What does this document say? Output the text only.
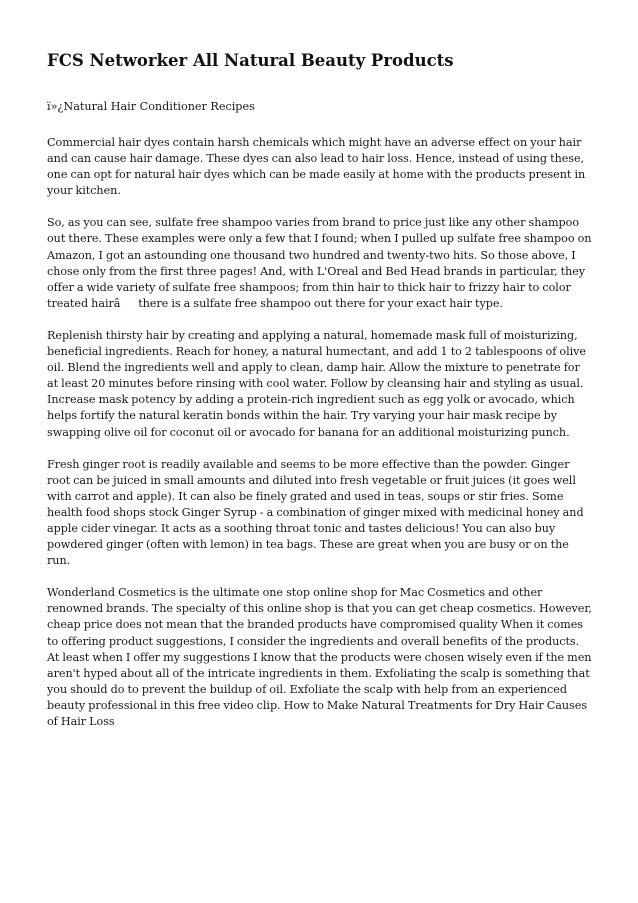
FCS Networker All Natural Beauty Products

ï»¿Natural Hair Conditioner Recipes

Commercial hair dyes contain harsh chemicals which might have an adverse effect on your hair and can cause hair damage. These dyes can also lead to hair loss. Hence, instead of using these, one can opt for natural hair dyes which can be made easily at home with the products present in your kitchen.

So, as you can see, sulfate free shampoo varies from brand to price just like any other shampoo out there. These examples were only a few that I found; when I pulled up sulfate free shampoo on Amazon, I got an astounding one thousand two hundred and twenty-two hits. So those above, I chose only from the first three pages! And, with L'Oreal and Bed Head brands in particular, they offer a wide variety of sulfate free shampoos; from thin hair to thick hair to frizzy hair to color treated hairâthere is a sulfate free shampoo out there for your exact hair type.

Replenish thirsty hair by creating and applying a natural, homemade mask full of moisturizing, beneficial ingredients. Reach for honey, a natural humectant, and add 1 to 2 tablespoons of olive oil. Blend the ingredients well and apply to clean, damp hair. Allow the mixture to penetrate for at least 20 minutes before rinsing with cool water. Follow by cleansing hair and styling as usual. Increase mask potency by adding a protein-rich ingredient such as egg yolk or avocado, which helps fortify the natural keratin bonds within the hair. Try varying your hair mask recipe by swapping olive oil for coconut oil or avocado for banana for an additional moisturizing punch.

Fresh ginger root is readily available and seems to be more effective than the powder. Ginger root can be juiced in small amounts and diluted into fresh vegetable or fruit juices (it goes well with carrot and apple). It can also be finely grated and used in teas, soups or stir fries. Some health food shops stock Ginger Syrup - a combination of ginger mixed with medicinal honey and apple cider vinegar. It acts as a soothing throat tonic and tastes delicious! You can also buy powdered ginger (often with lemon) in tea bags. These are great when you are busy or on the run.

Wonderland Cosmetics is the ultimate one stop online shop for Mac Cosmetics and other renowned brands. The specialty of this online shop is that you can get cheap cosmetics. However, cheap price does not mean that the branded products have compromised quality When it comes to offering product suggestions, I consider the ingredients and overall benefits of the products. At least when I offer my suggestions I know that the products were chosen wisely even if the men aren't hyped about all of the intricate ingredients in them. Exfoliating the scalp is something that you should do to prevent the buildup of oil. Exfoliate the scalp with help from an experienced beauty professional in this free video clip. How to Make Natural Treatments for Dry Hair Causes of Hair Loss
